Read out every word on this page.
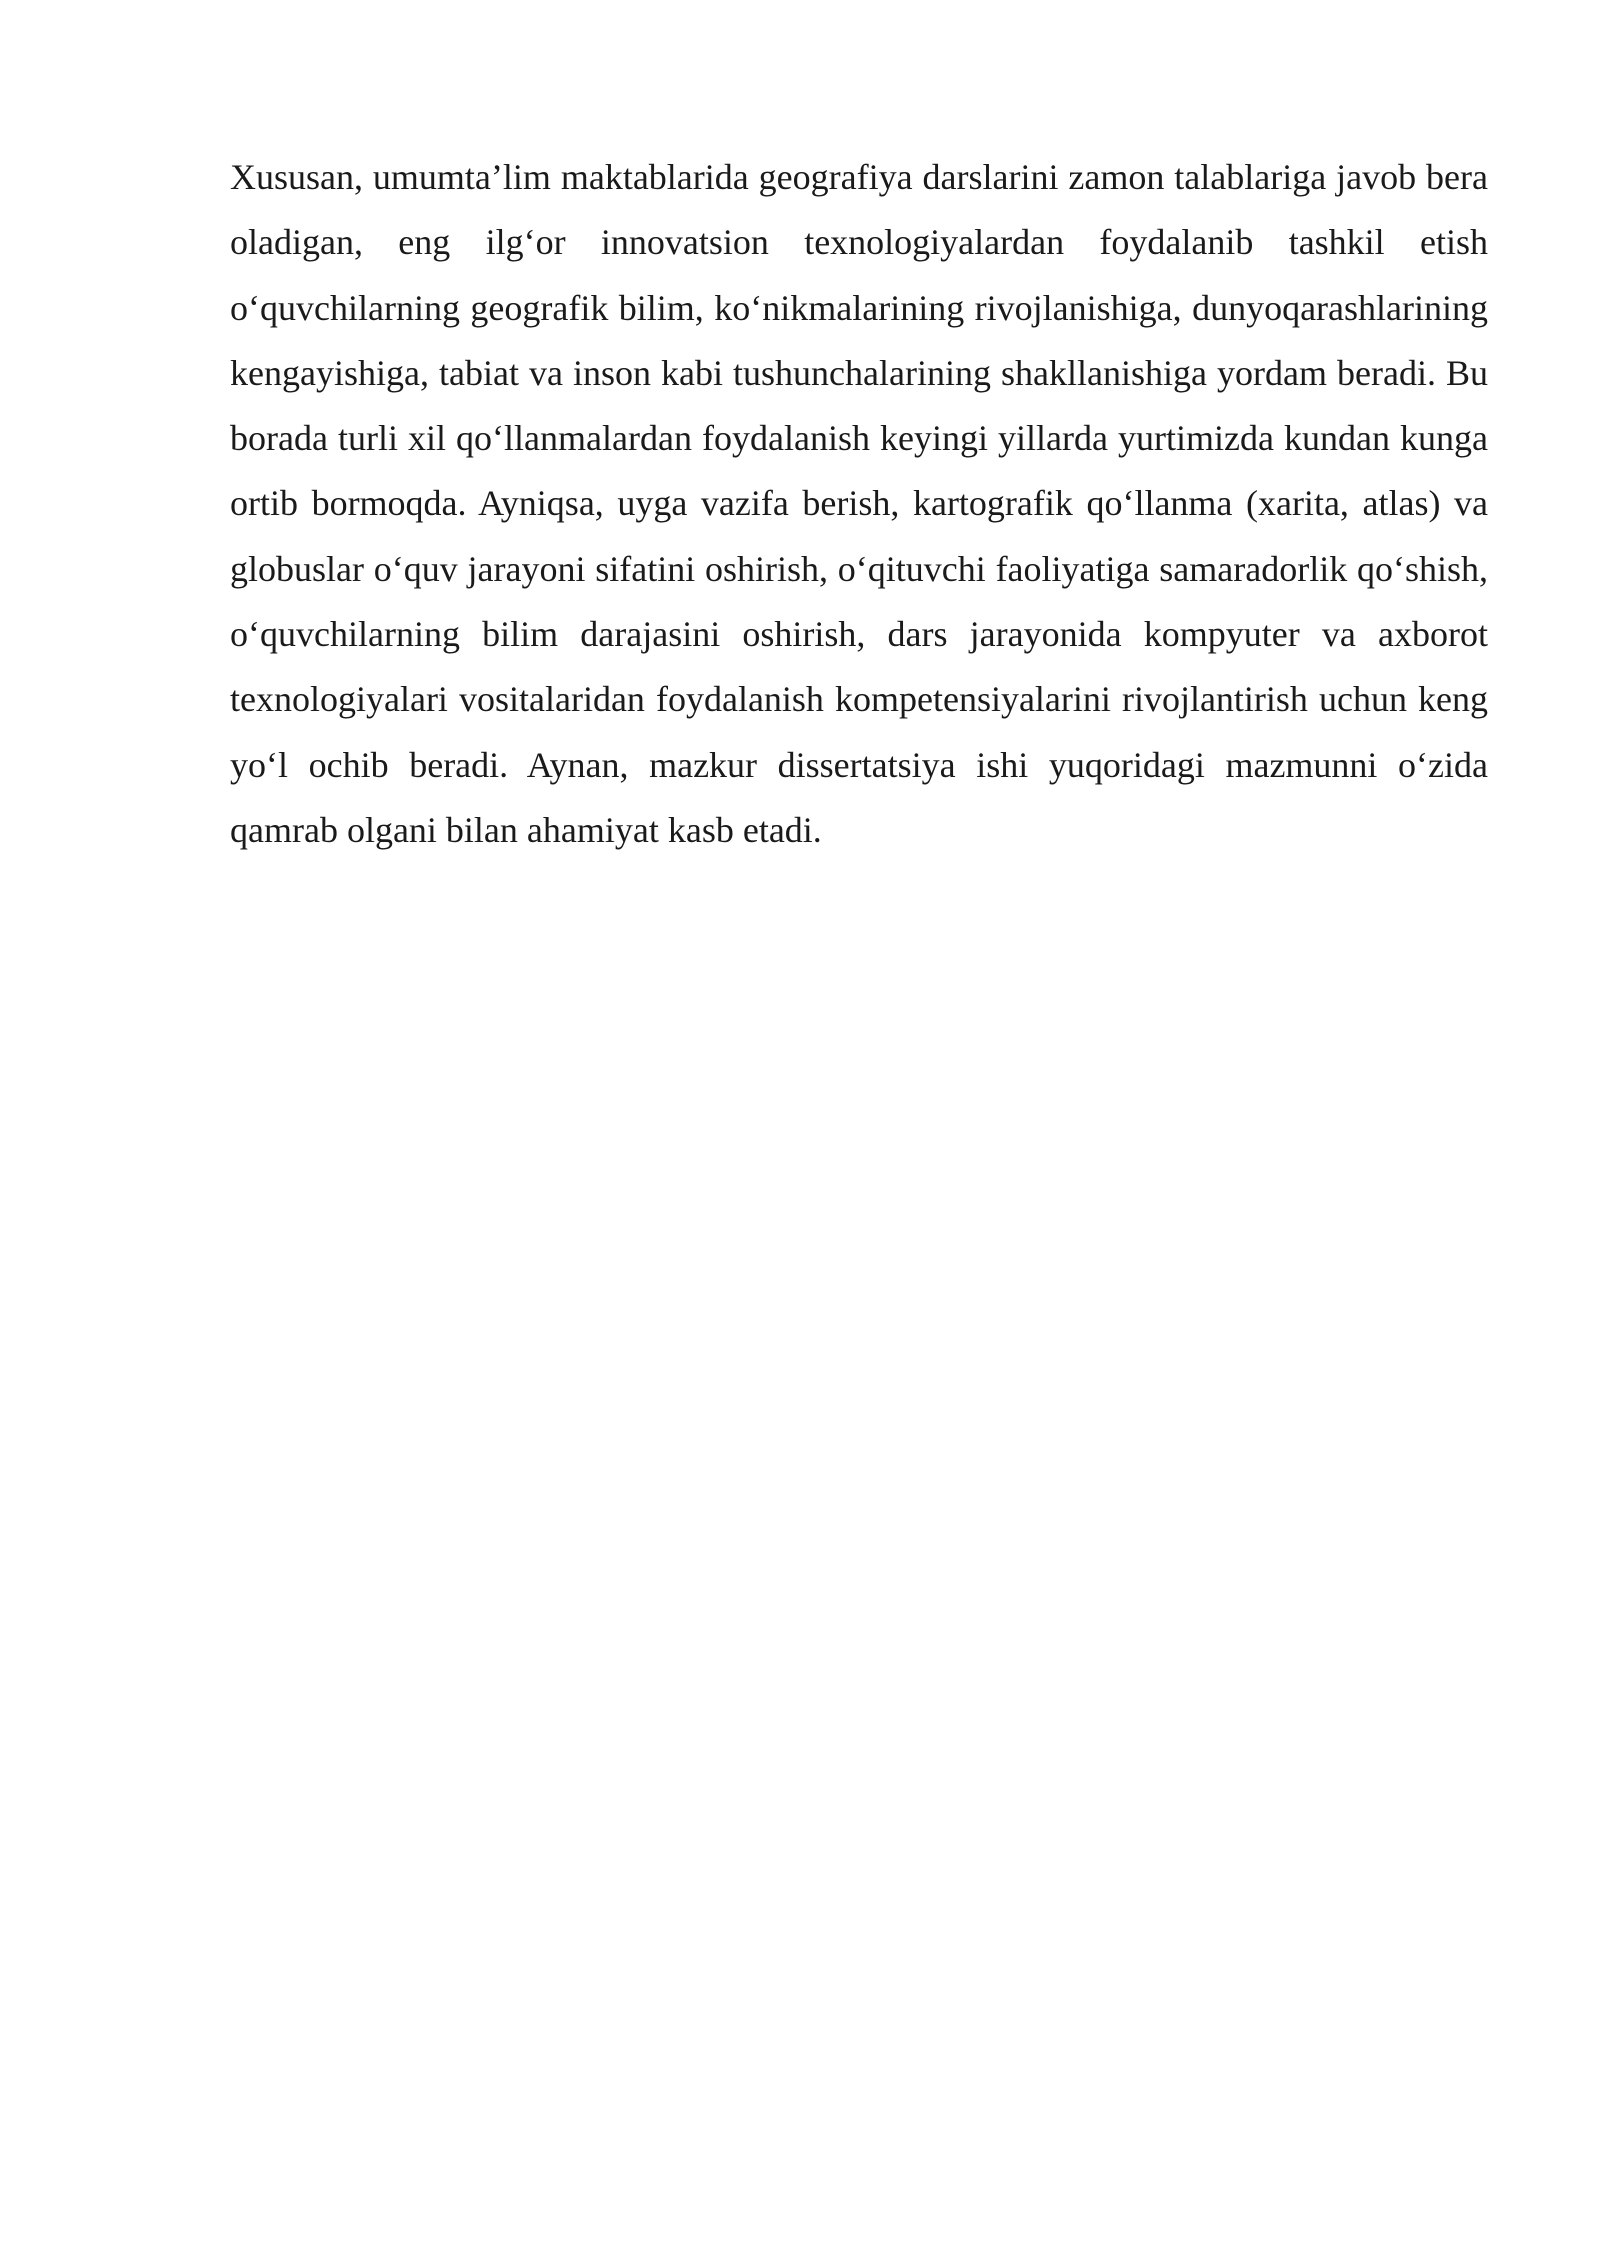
Xususan, umumta’lim maktablarida geografiya darslarini zamon talablariga javob bera oladigan, eng ilg‘or innovatsion texnologiyalardan foydalanib tashkil etish o‘quvchilarning geografik bilim, ko‘nikmalarining rivojlanishiga, dunyoqarashlarining kengayishiga, tabiat va inson kabi tushunchalarining shakllanishiga yordam beradi. Bu borada turli xil qo‘llanmalardan foydalanish keyingi yillarda yurtimizda kundan kunga ortib bormoqda. Ayniqsa, uyga vazifa berish, kartografik qo‘llanma (xarita, atlas) va globuslar o‘quv jarayoni sifatini oshirish, o‘qituvchi faoliyatiga samaradorlik qo‘shish, o‘quvchilarning bilim darajasini oshirish, dars jarayonida kompyuter va axborot texnologiyalari vositalaridan foydalanish kompetensiyalarini rivojlantirish uchun keng yo‘l ochib beradi. Aynan, mazkur dissertatsiya ishi yuqoridagi mazmunni o‘zida qamrab olgani bilan ahamiyat kasb etadi.
